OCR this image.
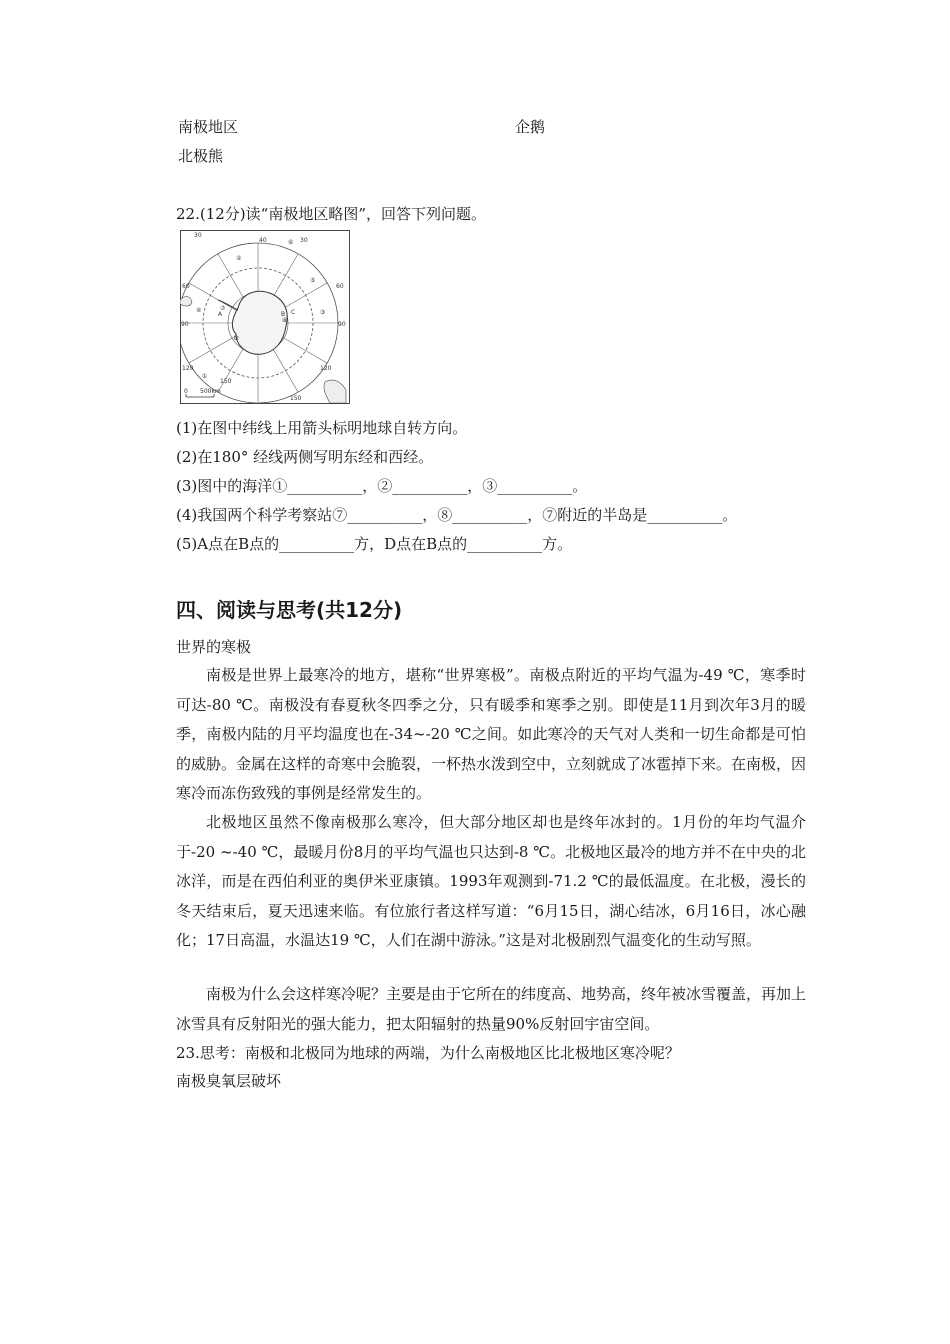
南极地区	企鹅
北极熊
22.(12分)读“南极地区略图”，回答下列问题。
30
40
60
90
120
150
150
120
90
60
30
①
②
③
④
⑤
⑥
⑦
⑧
A	B C
D
0 500km
(1)在图中纬线上用箭头标明地球自转方向。
(2)在180° 经线两侧写明东经和西经。
(3)图中的海洋①__________，②__________，③__________。
(4)我国两个科学考察站⑦__________，⑧__________，⑦附近的半岛是__________。
(5)A点在B点的__________方，D点在B点的__________方。
四、阅读与思考(共12分)
世界的寒极
南极是世界上最寒冷的地方，堪称“世界寒极”。南极点附近的平均气温为-49 ℃，寒季时可达-80 ℃。南极没有春夏秋冬四季之分，只有暖季和寒季之别。即使是11月到次年3月的暖季，南极内陆的月平均温度也在-34~-20 ℃之间。如此寒冷的天气对人类和一切生命都是可怕的威胁。金属在这样的奇寒中会脆裂，一杯热水泼到空中，立刻就成了冰雹掉下来。在南极，因寒冷而冻伤致残的事例是经常发生的。
北极地区虽然不像南极那么寒冷，但大部分地区却也是终年冰封的。1月份的年均气温介于-20 ~-40 ℃，最暖月份8月的平均气温也只达到-8 ℃。北极地区最冷的地方并不在中央的北冰洋，而是在西伯利亚的奥伊米亚康镇。1993年观测到-71.2 ℃的最低温度。在北极，漫长的冬天结束后，夏天迅速来临。有位旅行者这样写道：“6月15日，湖心结冰，6月16日，冰心融化；17日高温，水温达19 ℃，人们在湖中游泳。”这是对北极剧烈气温变化的生动写照。
南极为什么会这样寒冷呢？主要是由于它所在的纬度高、地势高，终年被冰雪覆盖，再加上冰雪具有反射阳光的强大能力，把太阳辐射的热量90%反射回宇宙空间。
23.思考：南极和北极同为地球的两端，为什么南极地区比北极地区寒冷呢？
南极臭氧层破坏
